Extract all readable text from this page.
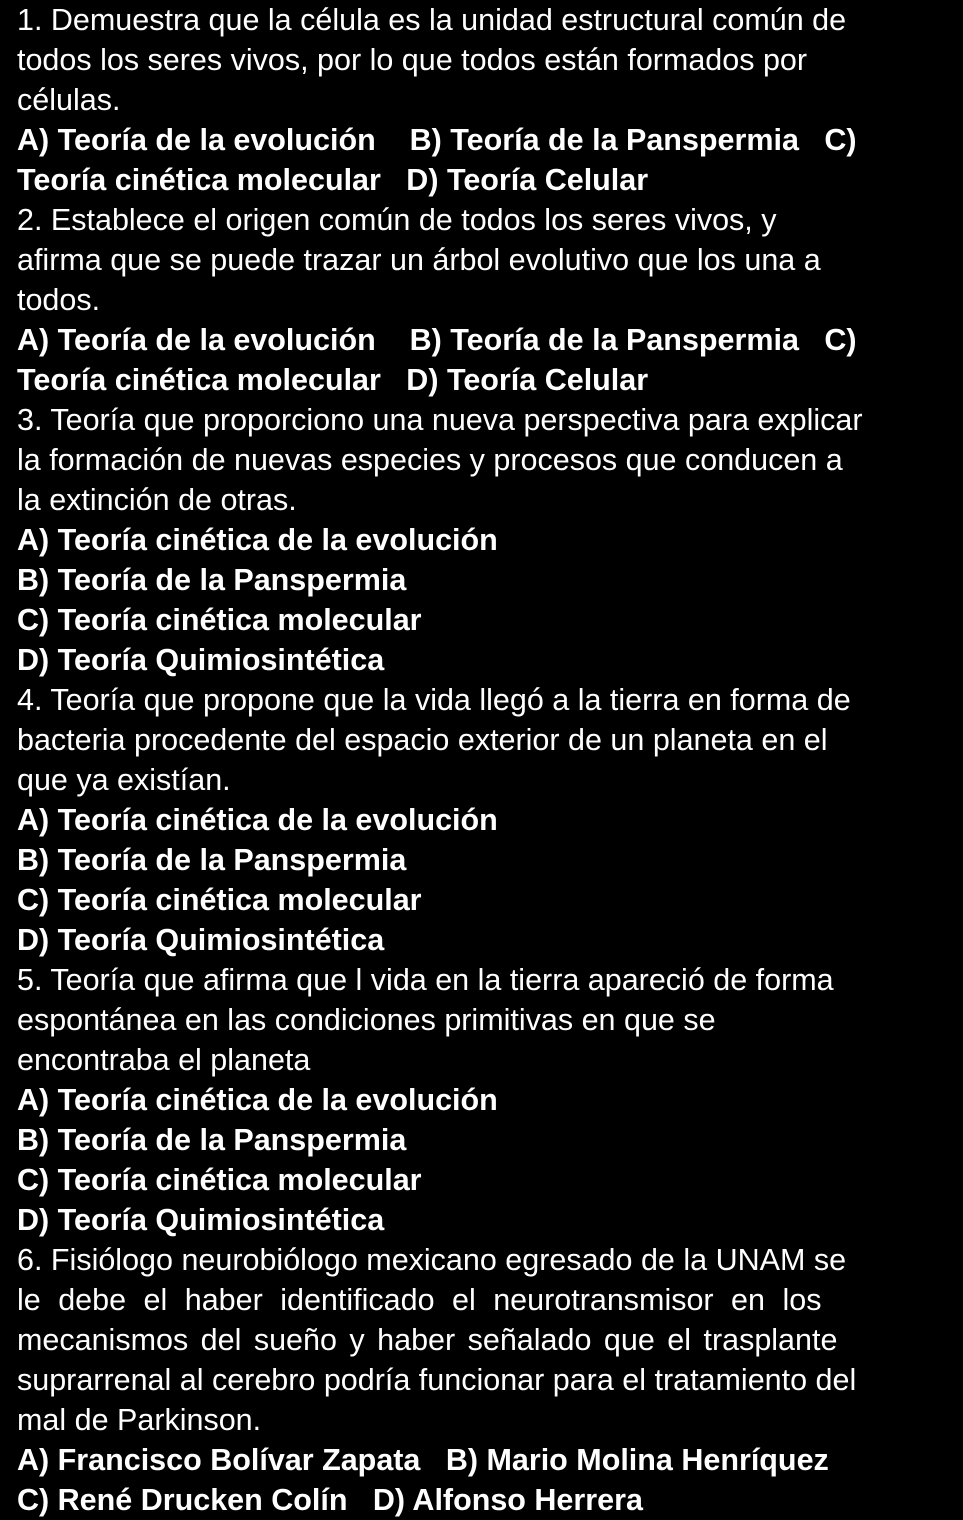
1. Demuestra que la célula es la unidad estructural común de
todos los seres vivos, por lo que todos están formados por
células.
A) Teoría de la evolución    B) Teoría de la Panspermia   C)
Teoría cinética molecular   D) Teoría Celular
2. Establece el origen común de todos los seres vivos, y
afirma que se puede trazar un árbol evolutivo que los una a
todos.
A) Teoría de la evolución    B) Teoría de la Panspermia   C)
Teoría cinética molecular   D) Teoría Celular
3. Teoría que proporciono una nueva perspectiva para explicar
la formación de nuevas especies y procesos que conducen a
la extinción de otras.
A) Teoría cinética de la evolución
B) Teoría de la Panspermia
C) Teoría cinética molecular
D) Teoría Quimiosintética
4. Teoría que propone que la vida llegó a la tierra en forma de
bacteria procedente del espacio exterior de un planeta en el
que ya existían.
A) Teoría cinética de la evolución
B) Teoría de la Panspermia
C) Teoría cinética molecular
D) Teoría Quimiosintética
5. Teoría que afirma que l vida en la tierra apareció de forma
espontánea en las condiciones primitivas en que se
encontraba el planeta
A) Teoría cinética de la evolución
B) Teoría de la Panspermia
C) Teoría cinética molecular
D) Teoría Quimiosintética
6. Fisiólogo neurobiólogo mexicano egresado de la UNAM se
le debe el haber identificado el neurotransmisor en los
mecanismos del sueño y haber señalado que el trasplante
suprarrenal al cerebro podría funcionar para el tratamiento del
mal de Parkinson.
A) Francisco Bolívar Zapata   B) Mario Molina Henríquez
C) René Drucken Colín   D) Alfonso Herrera
